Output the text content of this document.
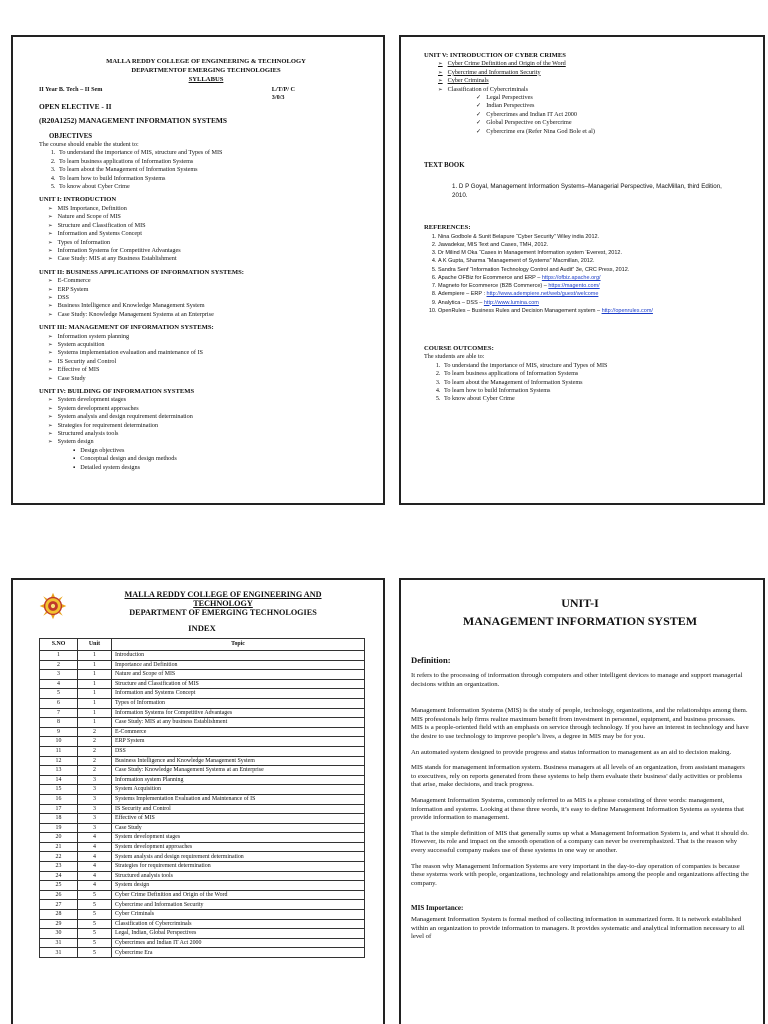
MALLA REDDY COLLEGE OF ENGINEERING & TECHNOLOGY
DEPARTMENTOF EMERGING TECHNOLOGIES
SYLLABUS
II Year B. Tech – II Sem	L/T/P/ C
3/0/3
OPEN ELECTIVE - II
(R20A1252) MANAGEMENT INFORMATION SYSTEMS
OBJECTIVES
The course should enable the student to:
1. To understand the importance of MIS, structure and Types of MIS
2. To learn business applications of Information Systems
3. To learn about the Management of Information Systems
4. To learn how to build Information Systems
5. To know about Cyber Crime
UNIT I: INTRODUCTION
➢ MIS Importance, Definition
➢ Nature and Scope of MIS
➢ Structure and Classification of MIS
➢ Information and Systems Concept
➢ Types of Information
➢ Information Systems for Competitive Advantages
➢ Case Study: MIS at any Business Establishment
UNIT II: BUSINESS APPLICATIONS OF INFORMATION SYSTEMS:
➢ E-Commerce
➢ ERP System
➢ DSS
➢ Business Intelligence and Knowledge Management System
➢ Case Study: Knowledge Management Systems at an Enterprise
UNIT III: MANAGEMENT OF INFORMATION SYSTEMS:
➢ Information system planning
➢ System acquisition
➢ Systems implementation evaluation and maintenance of IS
➢ IS Security and Control
➢ Effective of MIS
➢ Case Study
UNIT IV: BUILDING OF INFORMATION SYSTEMS
➢ System development stages
➢ System development approaches
➢ System analysis and design requirement determination
➢ Strategies for requirement determination
➢ Structured analysis tools
➢ System design
▪ Design objectives
▪ Conceptual design and design methods
▪ Detailed system designs
UNIT V: INTRODUCTION OF CYBER CRIMES
➢ Cyber Crime Definition and Origin of the Word
➢ Cybercrime and Information Security
➢ Cyber Criminals
➢ Classification of Cybercriminals
✓ Legal Perspectives
✓ Indian Perspectives
✓ Cybercrimes and Indian IT Act 2000
✓ Global Perspective on Cybercrime
✓ Cybercrime era (Refer Nina God Bole et al)
TEXT BOOK
1. D P Goyal, Management Information Systems–Managerial Perspective, MacMillan, third Edition, 2010.
REFERENCES:
1. Nina Godbole & Sunit Belapure “Cyber Security” Wiley india 2012.
2. Jawadekar, MIS Text and Cases, TMH, 2012.
3. Dr Milind M Oka “Cases in Management Information system ‘Everest, 2012.
4. A K Gupta, Sharma “Management of Systems” Macmillan, 2012.
5. Sandra Senf “Information Technology Control and Audit” 3e, CRC Press, 2012.
6. Apache OFBiz for Ecommerce and ERP – https://ofbiz.apache.org/
7. Magneto for Ecommerce (B2B Commerce) – https://magento.com/
8. Adempiere – ERP : http://www.adempiere.net/web/guest/welcome
9. Analytica – DSS – http://www.lumina.com
10. OpenRules – Business Rules and Decision Management system – http://openrules.com/
COURSE OUTCOMES:
The students are able to:
1. To understand the importance of MIS, structure and Types of MIS
2. To learn business applications of Information Systems
3. To learn about the Management of Information Systems
4. To learn how to build Information Systems
5. To know about Cyber Crime
MALLA REDDY COLLEGE OF ENGINEERING AND
TECHNOLOGY
DEPARTMENT OF EMERGING TECHNOLOGIES
INDEX
S.NO	Unit	Topic
1	1	Introduction
2	1	Importance and Definition
3	1	Nature and Scope of MIS
4	1	Structure and Classification of MIS
5	1	Information and Systems Concept
6	1	Types of Information
7	1	Information Systems for Competitive Advantages
8	1	Case Study: MIS at any business Establishment
9	2	E-Commerce
10	2	ERP System
11	2	DSS
12	2	Business Intelligence and Knowledge Management System
13	2	Case Study: Knowledge Management Systems at an Enterprise
14	3	Information system Planning
15	3	System Acquisition
16	3	Systems Implementation Evaluation and Maintenance of IS
17	3	IS Security and Control
18	3	Effective of MIS
19	3	Case Study
20	4	System development stages
21	4	System development approaches
22	4	System analysis and design requirement determination
23	4	Strategies for requirement determination
24	4	Structured analysis tools
25	4	System design
26	5	Cyber Crime Definition and Origin of the Word
27	5	Cybercrime and Information Security
28	5	Cyber Criminals
29	5	Classification of Cybercriminals
30	5	Legal, Indian, Global Perspectives
31	5	Cybercrimes and Indian IT Act 2000
31	5	Cybercrime Era
UNIT-I
MANAGEMENT INFORMATION SYSTEM
Definition:

It refers to the processing of information through computers and other intelligent devices to manage and support managerial decisions within an organization.

Management Information Systems (MIS) is the study of people, technology, organizations, and the relationships among them. MIS professionals help firms realize maximum benefit from investment in personnel, equipment, and business processes. MIS is a people-oriented field with an emphasis on service through technology. If you have an interest in technology and have the desire to use technology to improve people’s lives, a degree in MIS may be for you.

An automated system designed to provide progress and status information to management as an aid to decision making.

MIS stands for management information system. Business managers at all levels of an organization, from assistant managers to executives, rely on reports generated from these systems to help them evaluate their business' daily activities or problems that arise, make decisions, and track progress.

Management Information Systems, commonly referred to as MIS is a phrase consisting of three words: management, information and systems. Looking at these three words, it’s easy to define Management Information Systems as systems that provide information to management.

That is the simple definition of MIS that generally sums up what a Management Information System is, and what it should do. However, its role and impact on the smooth operation of a company can never be overemphasized. That is the reason why every successful company makes use of these systems in one way or another.

The reason why Management Information Systems are very important in the day-to-day operation of companies is because these systems work with people, organizations, technology and relationships among the people and organizations affecting the company.

MIS Importance:

Management Information System is formal method of collecting information in summarized form. It is network established within an organization to provide information to managers. It provides systematic and analytical information necessary to all level of
